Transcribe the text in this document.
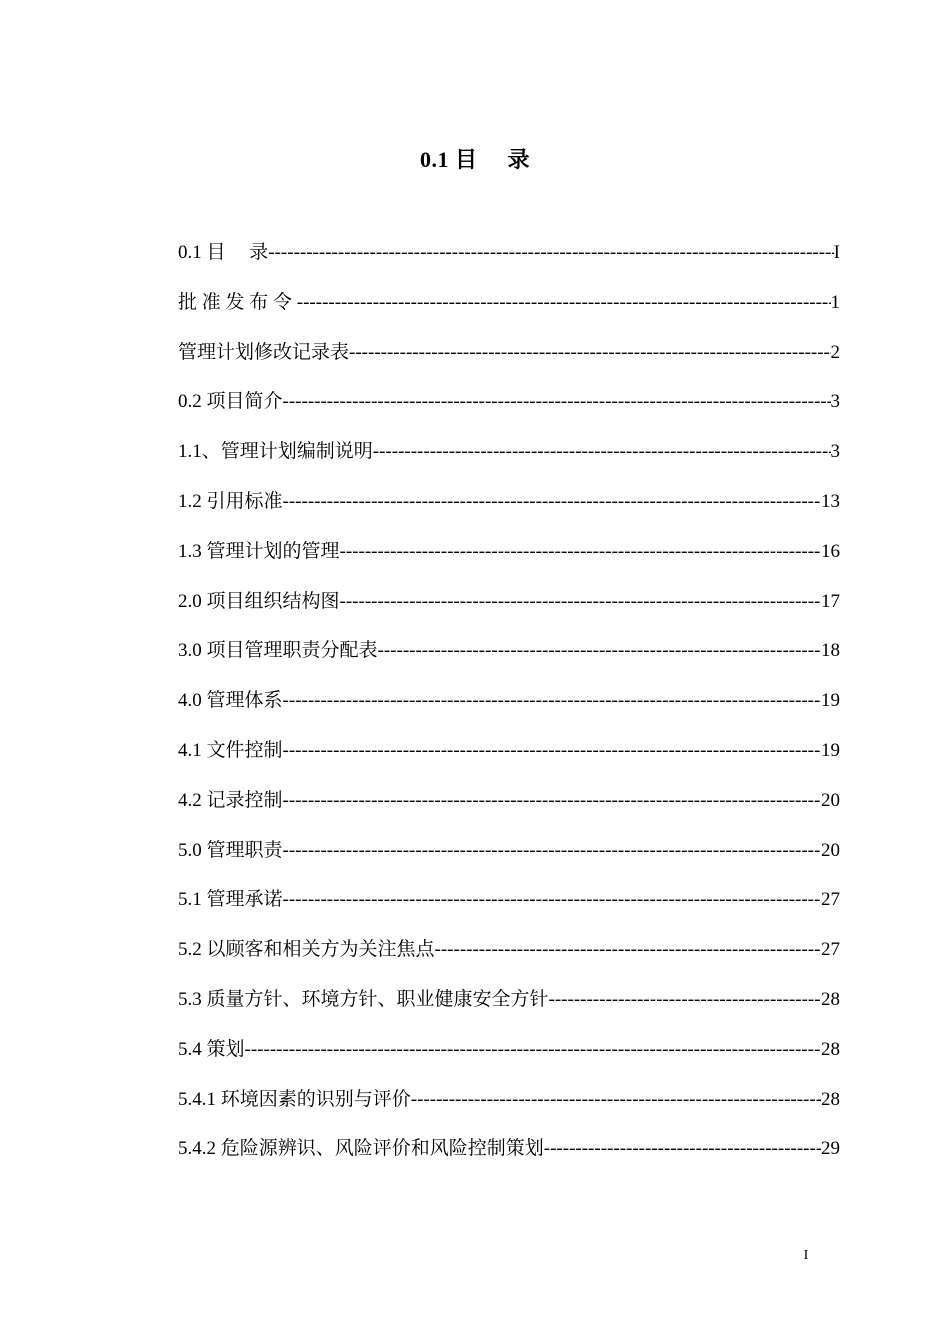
0.1 目     录
0.1 目     录 -----	I
批 准 发 布 令 -----	1
管理计划修改记录表 -----	2
0.2 项目简介 -----	3
1.1、管理计划编制说明 -----	3
1.2 引用标准 -----	13
1.3 管理计划的管理 -----	16
2.0 项目组织结构图 -----	17
3.0 项目管理职责分配表 -----	18
4.0 管理体系 -----	19
4.1 文件控制 -----	19
4.2 记录控制 -----	20
5.0 管理职责 -----	20
5.1 管理承诺 -----	27
5.2 以顾客和相关方为关注焦点 -----	27
5.3 质量方针、环境方针、职业健康安全方针 -----	28
5.4 策划 -----	28
5.4.1 环境因素的识别与评价 -----	28
5.4.2 危险源辨识、风险评价和风险控制策划 -----	29
I
